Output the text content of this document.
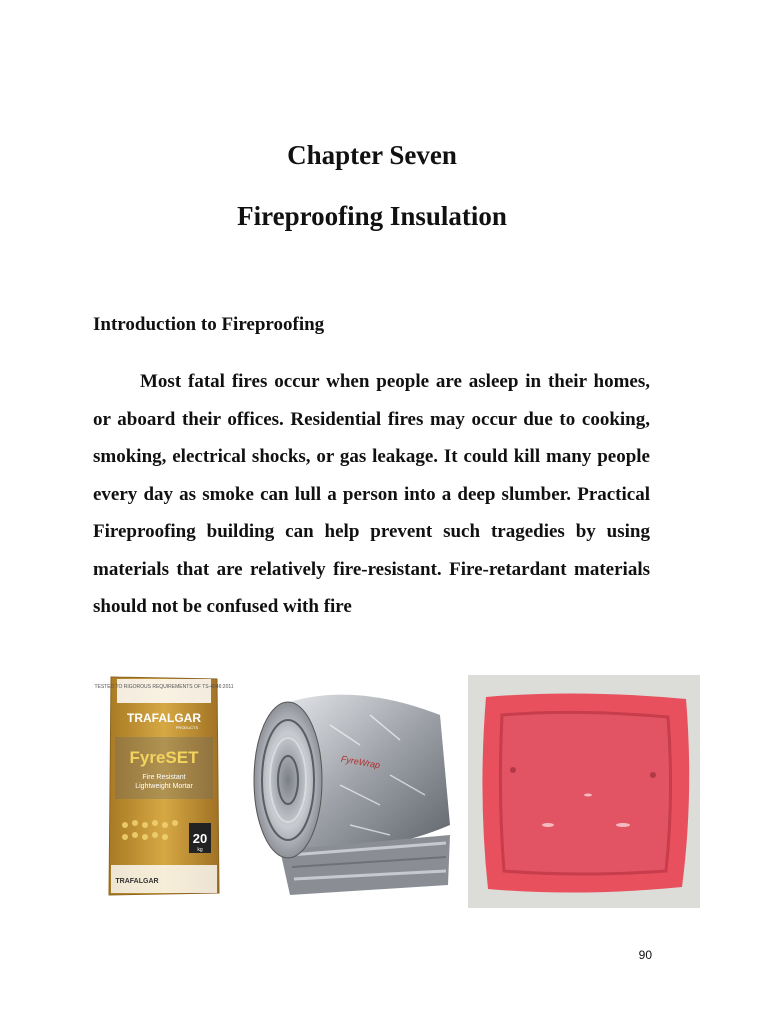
Chapter Seven
Fireproofing Insulation
Introduction to Fireproofing

Most fatal fires occur when people are asleep in their homes, or aboard their offices. Residential fires may occur due to cooking, smoking, electrical shocks, or gas leakage. It could kill many people every day as smoke can lull a person into a deep slumber. Practical Fireproofing building can help prevent such tragedies by using materials that are relatively fire-resistant. Fire-retardant materials should not be confused with fire

TESTED TO RIGOROUS REQUIREMENTS OF TS-4046:2011
TRAFALGAR
PRODUCTS
FyreSET
Fire Resistant
Lightweight Mortar
20
kg
TRAFALGAR
FyreWrap
90
